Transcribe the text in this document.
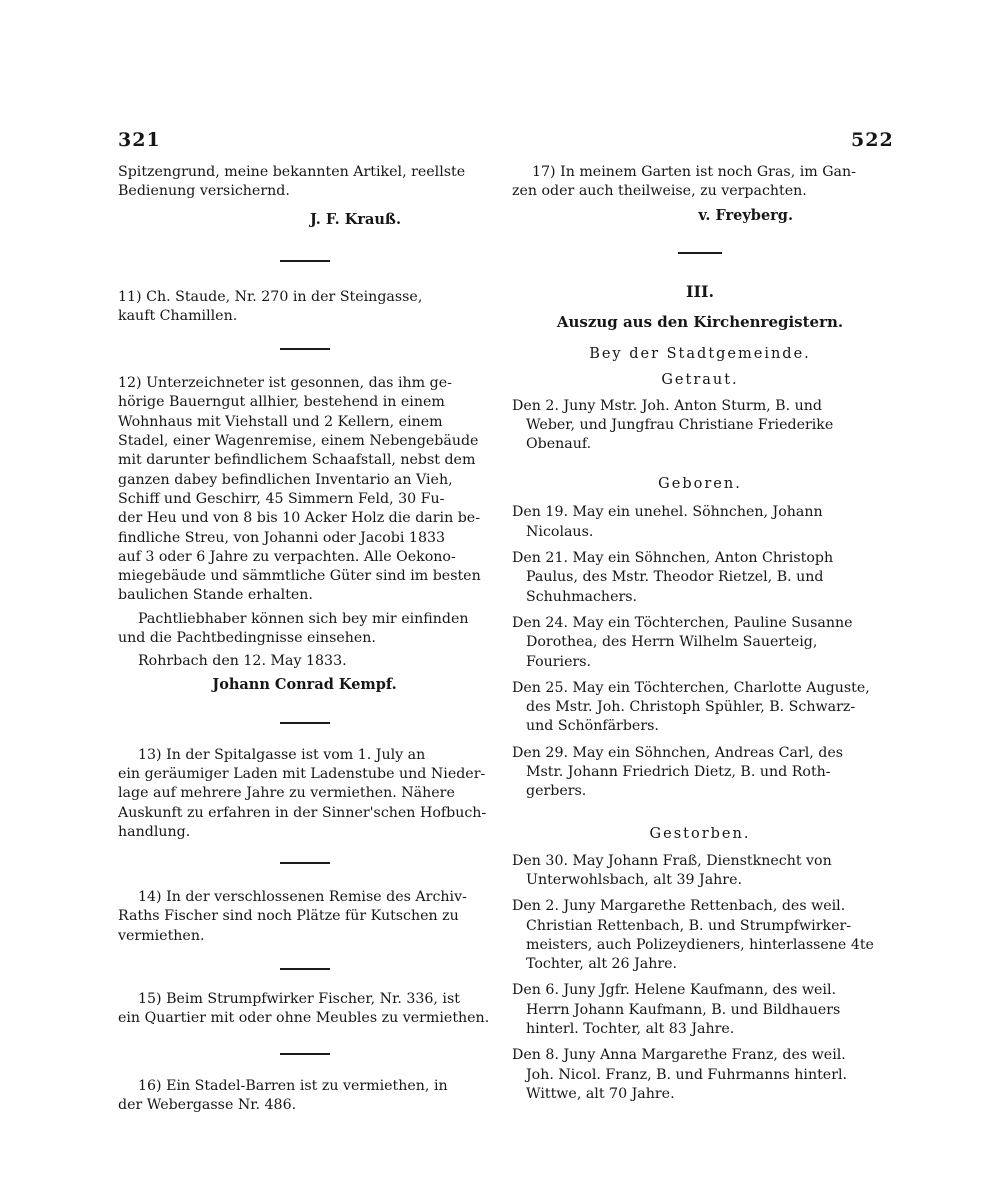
321	522
Spitzengrund, meine bekannten Artikel, reellste
Bedienung versichernd.
J. F. Krauß.
11) Ch. Staude, Nr. 270 in der Steingasse,
kauft Chamillen.
12) Unterzeichneter ist gesonnen, das ihm ge-
hörige Bauerngut allhier, bestehend in einem
Wohnhaus mit Viehstall und 2 Kellern, einem
Stadel, einer Wagenremise, einem Nebengebäude
mit darunter befindlichem Schaafstall, nebst dem
ganzen dabey befindlichen Inventario an Vieh,
Schiff und Geschirr, 45 Simmern Feld, 30 Fu-
der Heu und von 8 bis 10 Acker Holz die darin be-
findliche Streu, von Johanni oder Jacobi 1833
auf 3 oder 6 Jahre zu verpachten. Alle Oekono-
miegebäude und sämmtliche Güter sind im besten
baulichen Stande erhalten.
Pachtliebhaber können sich bey mir einfinden
und die Pachtbedingnisse einsehen.
Rohrbach den 12. May 1833.
Johann Conrad Kempf.
13) In der Spitalgasse ist vom 1. July an
ein geräumiger Laden mit Ladenstube und Nieder-
lage auf mehrere Jahre zu vermiethen. Nähere
Auskunft zu erfahren in der Sinner'schen Hofbuch-
handlung.
14) In der verschlossenen Remise des Archiv-
Raths Fischer sind noch Plätze für Kutschen zu
vermiethen.
15) Beim Strumpfwirker Fischer, Nr. 336, ist
ein Quartier mit oder ohne Meubles zu vermiethen.
16) Ein Stadel-Barren ist zu vermiethen, in
der Webergasse Nr. 486.
17) In meinem Garten ist noch Gras, im Gan-
zen oder auch theilweise, zu verpachten.
v. Freyberg.
III.
Auszug aus den Kirchenregistern.
Bey der Stadtgemeinde.
Getraut.
Den 2. Juny Mstr. Joh. Anton Sturm, B. und
Weber, und Jungfrau Christiane Friederike
Obenauf.
Geboren.
Den 19. May ein unehel. Söhnchen, Johann
Nicolaus.
Den 21. May ein Söhnchen, Anton Christoph
Paulus, des Mstr. Theodor Rietzel, B. und
Schuhmachers.
Den 24. May ein Töchterchen, Pauline Susanne
Dorothea, des Herrn Wilhelm Sauerteig,
Fouriers.
Den 25. May ein Töchterchen, Charlotte Auguste,
des Mstr. Joh. Christoph Spühler, B. Schwarz-
und Schönfärbers.
Den 29. May ein Söhnchen, Andreas Carl, des
Mstr. Johann Friedrich Dietz, B. und Roth-
gerbers.
Gestorben.
Den 30. May Johann Fraß, Dienstknecht von
Unterwohlsbach, alt 39 Jahre.
Den 2. Juny Margarethe Rettenbach, des weil.
Christian Rettenbach, B. und Strumpfwirker-
meisters, auch Polizeydieners, hinterlassene 4te
Tochter, alt 26 Jahre.
Den 6. Juny Jgfr. Helene Kaufmann, des weil.
Herrn Johann Kaufmann, B. und Bildhauers
hinterl. Tochter, alt 83 Jahre.
Den 8. Juny Anna Margarethe Franz, des weil.
Joh. Nicol. Franz, B. und Fuhrmanns hinterl.
Wittwe, alt 70 Jahre.
